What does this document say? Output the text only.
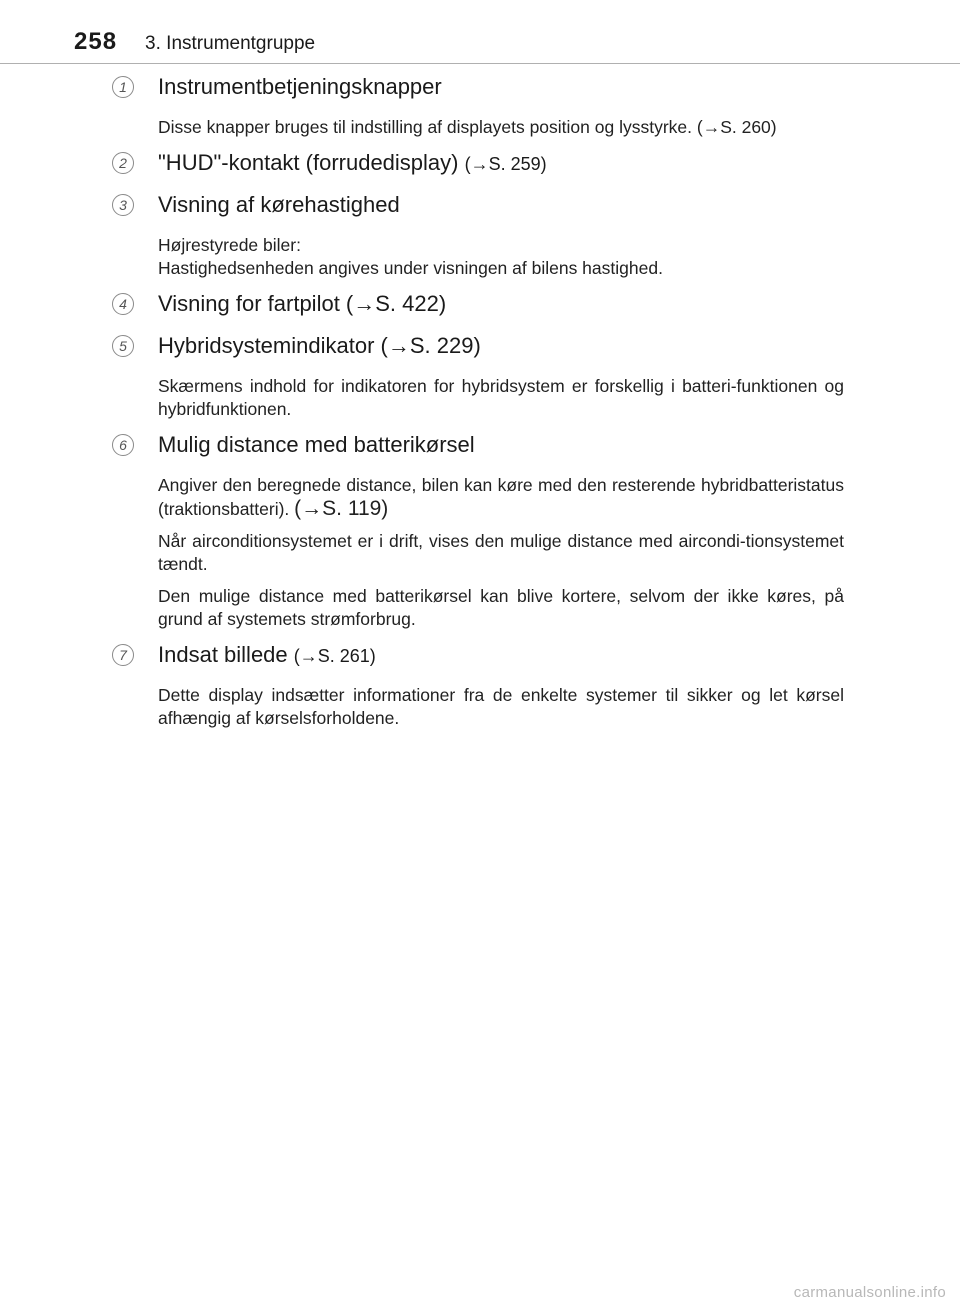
258 3. Instrumentgruppe
1	Instrumentbetjeningsknapper

Disse knapper bruges til indstilling af displayets position og lysstyrke. (→S. 260)

2	"HUD"-kontakt (forrudedisplay) (→S. 259)
3	Visning af kørehastighed

Højrestyrede biler:
Hastighedsenheden angives under visningen af bilens hastighed.

4	Visning for fartpilot (→S. 422)
5	Hybridsystemindikator (→S. 229)

Skærmens indhold for indikatoren for hybridsystem er forskellig i batteri-funktionen og hybridfunktionen.

6	Mulig distance med batterikørsel

Angiver den beregnede distance, bilen kan køre med den resterende hybridbatteristatus (traktionsbatteri). (→S. 119)

Når airconditionsystemet er i drift, vises den mulige distance med aircondi-tionsystemet tændt.

Den mulige distance med batterikørsel kan blive kortere, selvom der ikke køres, på grund af systemets strømforbrug.

7	Indsat billede (→S. 261)

Dette display indsætter informationer fra de enkelte systemer til sikker og let kørsel afhængig af kørselsforholdene.

carmanualsonline.info
